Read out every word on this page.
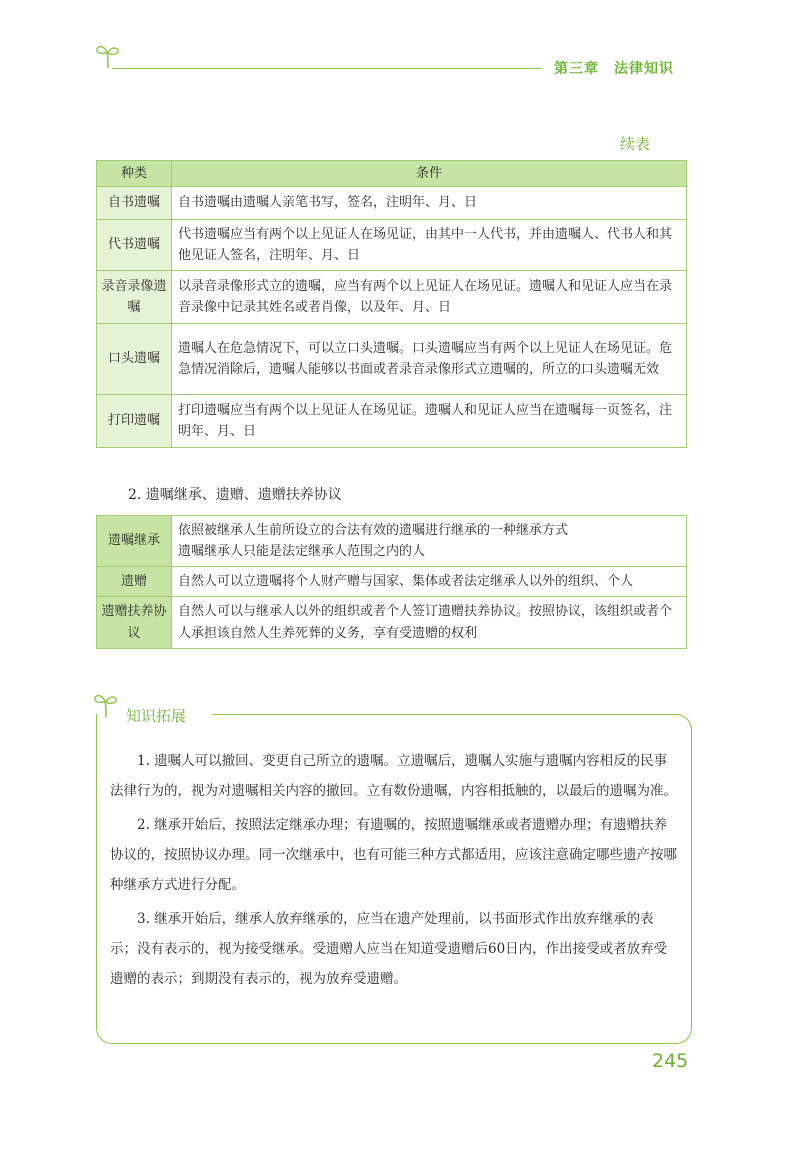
第三章　法律知识
续表
种类	条件
自书遗嘱	自书遗嘱由遗嘱人亲笔书写，签名，注明年、月、日
代书遗嘱	代书遗嘱应当有两个以上见证人在场见证，由其中一人代书，并由遗嘱人、代书人和其他见证人签名，注明年、月、日
录音录像遗嘱	以录音录像形式立的遗嘱，应当有两个以上见证人在场见证。遗嘱人和见证人应当在录音录像中记录其姓名或者肖像，以及年、月、日
口头遗嘱	遗嘱人在危急情况下，可以立口头遗嘱。口头遗嘱应当有两个以上见证人在场见证。危急情况消除后，遗嘱人能够以书面或者录音录像形式立遗嘱的，所立的口头遗嘱无效
打印遗嘱	打印遗嘱应当有两个以上见证人在场见证。遗嘱人和见证人应当在遗嘱每一页签名，注明年、月、日
2. 遗嘱继承、遗赠、遗赠扶养协议
遗嘱继承	依照被继承人生前所设立的合法有效的遗嘱进行继承的一种继承方式
遗嘱继承人只能是法定继承人范围之内的人

遗赠	自然人可以立遗嘱将个人财产赠与国家、集体或者法定继承人以外的组织、个人
遗赠扶养协议	自然人可以与继承人以外的组织或者个人签订遗赠扶养协议。按照协议，该组织或者个人承担该自然人生养死葬的义务，享有受遗赠的权利
知识拓展

1. 遗嘱人可以撤回、变更自己所立的遗嘱。立遗嘱后，遗嘱人实施与遗嘱内容相反的民事法律行为的，视为对遗嘱相关内容的撤回。立有数份遗嘱，内容相抵触的，以最后的遗嘱为准。

2. 继承开始后，按照法定继承办理；有遗嘱的，按照遗嘱继承或者遗赠办理；有遗赠扶养协议的，按照协议办理。同一次继承中，也有可能三种方式都适用，应该注意确定哪些遗产按哪种继承方式进行分配。

3. 继承开始后，继承人放弃继承的，应当在遗产处理前，以书面形式作出放弃继承的表示；没有表示的，视为接受继承。受遗赠人应当在知道受遗赠后60日内，作出接受或者放弃受遗赠的表示；到期没有表示的，视为放弃受遗赠。

245
